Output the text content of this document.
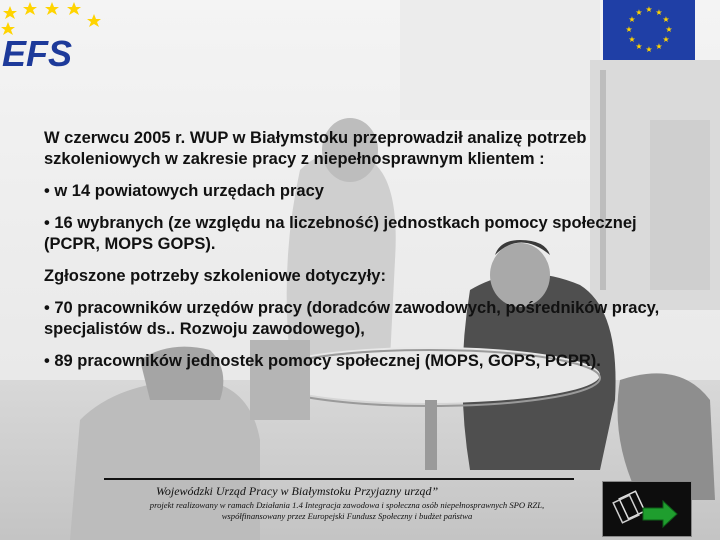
EFS
★ ★
★
★
★
★
★
★
★
★
★
★

W czerwcu 2005 r. WUP w Białymstoku przeprowadził analizę potrzeb szkoleniowych w zakresie pracy z niepełnosprawnym klientem :

• w 14 powiatowych urzędach pracy

• 16 wybranych (ze względu na liczebność) jednostkach pomocy społecznej (PCPR, MOPS GOPS).

Zgłoszone potrzeby szkoleniowe dotyczyły:

• 70 pracowników urzędów pracy (doradców zawodowych, pośredników pracy, specjalistów ds.. Rozwoju zawodowego),

• 89 pracowników jednostek pomocy społecznej (MOPS, GOPS, PCPR).

Wojewódzki Urząd Pracy w Białymstoku Przyjazny urząd”
projekt realizowany w ramach Działania 1.4 Integracja zawodowa i społeczna osób niepełnosprawnych SPO RZL,
współfinansowany przez Europejski Fundusz Społeczny i budżet państwa
